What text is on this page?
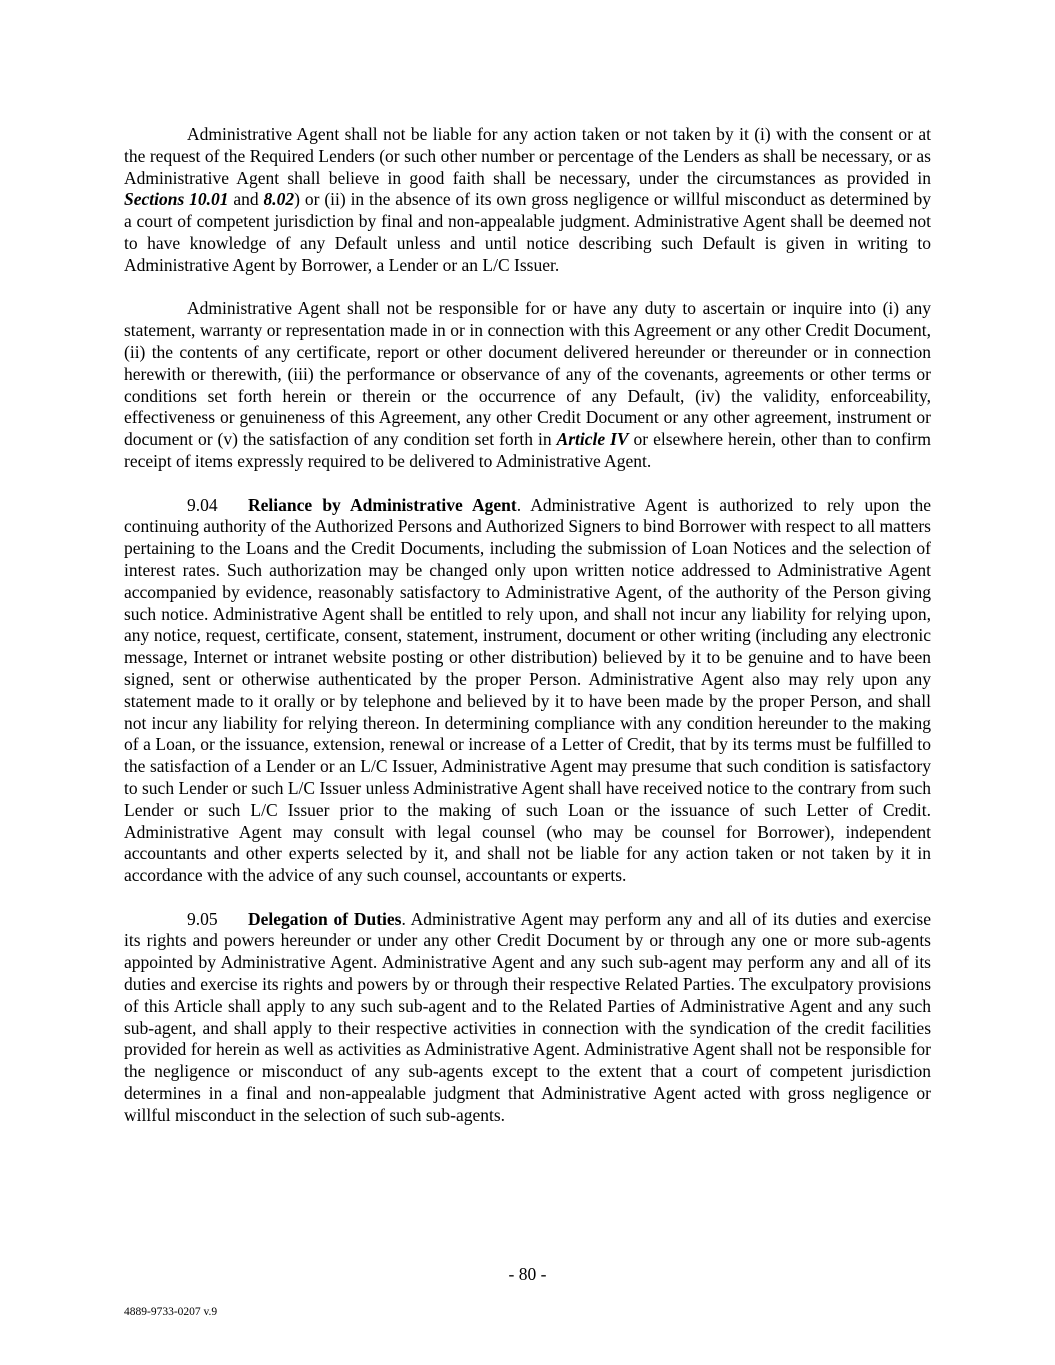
Administrative Agent shall not be liable for any action taken or not taken by it (i) with the consent or at the request of the Required Lenders (or such other number or percentage of the Lenders as shall be necessary, or as Administrative Agent shall believe in good faith shall be necessary, under the circumstances as provided in Sections 10.01 and 8.02) or (ii) in the absence of its own gross negligence or willful misconduct as determined by a court of competent jurisdiction by final and non-appealable judgment. Administrative Agent shall be deemed not to have knowledge of any Default unless and until notice describing such Default is given in writing to Administrative Agent by Borrower, a Lender or an L/C Issuer.

Administrative Agent shall not be responsible for or have any duty to ascertain or inquire into (i) any statement, warranty or representation made in or in connection with this Agreement or any other Credit Document, (ii) the contents of any certificate, report or other document delivered hereunder or thereunder or in connection herewith or therewith, (iii) the performance or observance of any of the covenants, agreements or other terms or conditions set forth herein or therein or the occurrence of any Default, (iv) the validity, enforceability, effectiveness or genuineness of this Agreement, any other Credit Document or any other agreement, instrument or document or (v) the satisfaction of any condition set forth in Article IV or elsewhere herein, other than to confirm receipt of items expressly required to be delivered to Administrative Agent.

9.04 Reliance by Administrative Agent. Administrative Agent is authorized to rely upon the continuing authority of the Authorized Persons and Authorized Signers to bind Borrower with respect to all matters pertaining to the Loans and the Credit Documents, including the submission of Loan Notices and the selection of interest rates. Such authorization may be changed only upon written notice addressed to Administrative Agent accompanied by evidence, reasonably satisfactory to Administrative Agent, of the authority of the Person giving such notice. Administrative Agent shall be entitled to rely upon, and shall not incur any liability for relying upon, any notice, request, certificate, consent, statement, instrument, document or other writing (including any electronic message, Internet or intranet website posting or other distribution) believed by it to be genuine and to have been signed, sent or otherwise authenticated by the proper Person. Administrative Agent also may rely upon any statement made to it orally or by telephone and believed by it to have been made by the proper Person, and shall not incur any liability for relying thereon. In determining compliance with any condition hereunder to the making of a Loan, or the issuance, extension, renewal or increase of a Letter of Credit, that by its terms must be fulfilled to the satisfaction of a Lender or an L/C Issuer, Administrative Agent may presume that such condition is satisfactory to such Lender or such L/C Issuer unless Administrative Agent shall have received notice to the contrary from such Lender or such L/C Issuer prior to the making of such Loan or the issuance of such Letter of Credit. Administrative Agent may consult with legal counsel (who may be counsel for Borrower), independent accountants and other experts selected by it, and shall not be liable for any action taken or not taken by it in accordance with the advice of any such counsel, accountants or experts.

9.05 Delegation of Duties. Administrative Agent may perform any and all of its duties and exercise its rights and powers hereunder or under any other Credit Document by or through any one or more sub-agents appointed by Administrative Agent. Administrative Agent and any such sub-agent may perform any and all of its duties and exercise its rights and powers by or through their respective Related Parties. The exculpatory provisions of this Article shall apply to any such sub-agent and to the Related Parties of Administrative Agent and any such sub-agent, and shall apply to their respective activities in connection with the syndication of the credit facilities provided for herein as well as activities as Administrative Agent. Administrative Agent shall not be responsible for the negligence or misconduct of any sub-agents except to the extent that a court of competent jurisdiction determines in a final and non-appealable judgment that Administrative Agent acted with gross negligence or willful misconduct in the selection of such sub-agents.

- 80 -
4889-9733-0207 v.9
